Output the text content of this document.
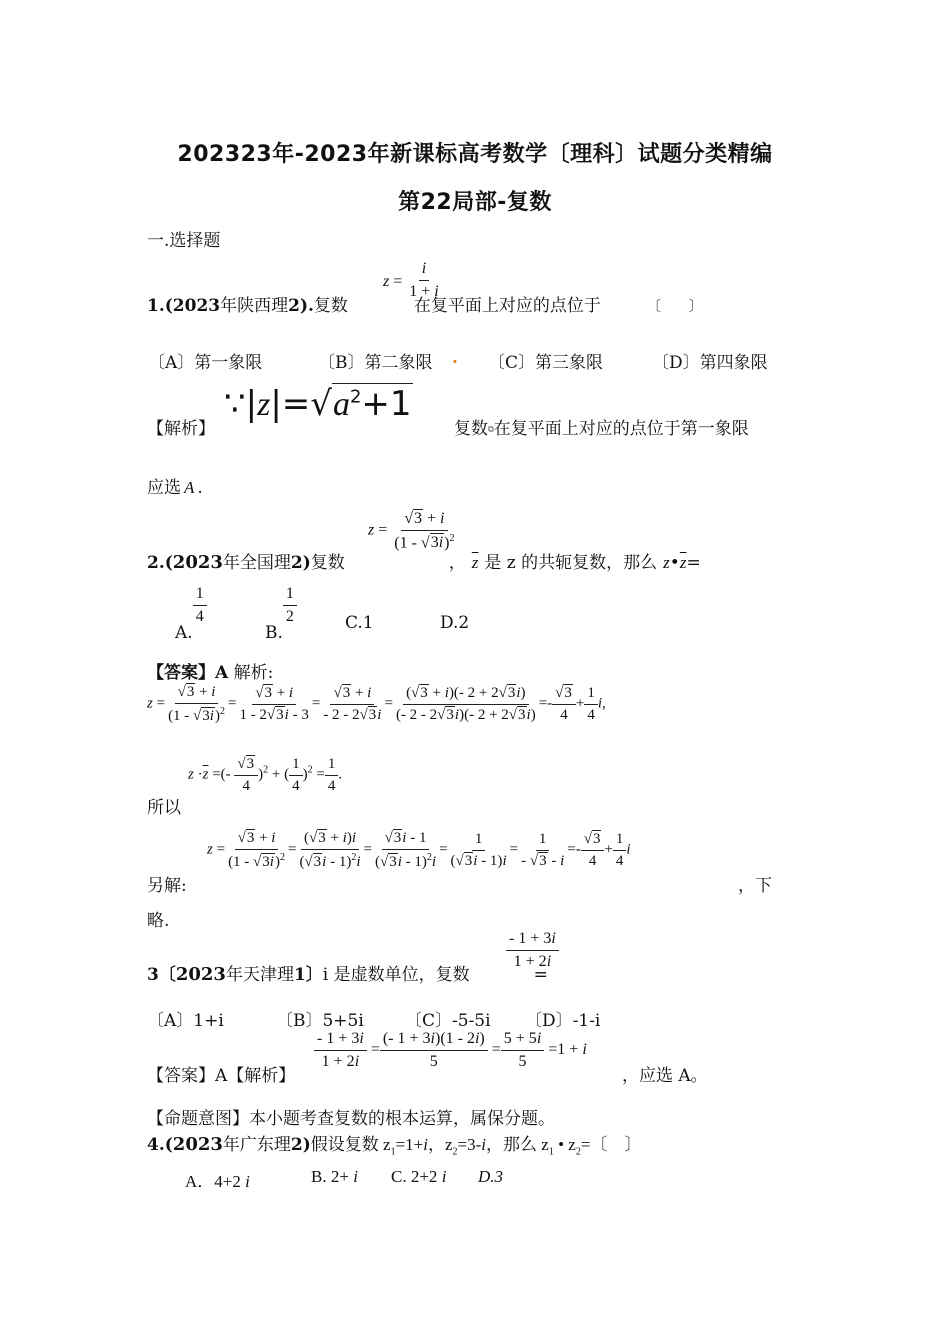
202323年-2023年新课标高考数学〔理科〕试题分类精编
第22局部-复数
一.选择题
$z = \frac{i}{1 + i}$
1.(2023年陕西理2).复数	在复平面上对应的点位于	〔　　〕
〔A〕第一象限	〔B〕第二象限 . 〔C〕第三象限	〔D〕第四象限
【解析】
$\because|z|=√a^2+1$
复数⧉在复平面上对应的点位于第一象限
应选 A .
$z = \frac{√3 + i}{(1 - √3i)^2}$
2.(2023年全国理2)复数	， $\overline{z}$ 是 z 的共轭复数，那么 $z•\overline{z}=$
A.
$\frac{1}{4}$
B.
$\frac{1}{2}$	C.1	D.2
【答案】A 解析:
$z = \frac{√3 + i}{(1 - √3i)^2} = \frac{√3 + i}{1 - 2√3i - 3} = \frac{√3 + i}{- 2 - 2√3i} = \frac{(√3 + i)(- 2 + 2√3i)}{(- 2 - 2√3i)(- 2 + 2√3i)} =- \frac{√3}{4} + \frac{1}{4} i$,
所以
$z \cdot\overline{z}$ =(- $\frac{√3}{4} )^2$ + ( $\frac{1}{4} )^2 = \frac{1}{4}$ .
$z = \frac{√3 + i}{(1 - √3i)^2} = \frac{(√3 + i)i}{(√3i - 1)^2i} = \frac{√3i - 1}{(√3i - 1)^2i} = \frac{1}{(√3i - 1)i} = \frac{1}{- √3 - i} =- \frac{√3}{4} + \frac{1}{4}$ i
另解:	，下
略.
$\frac{- 1 + 3i}{1 + 2i}$
3〔2023年天津理1〕i 是虚数单位，复数	=
〔A〕1+i	〔B〕5+5i 〔C〕-5-5i 〔D〕-1-i
【答案】A【解析】
$\frac{- 1 + 3i}{1 + 2i} = \frac{(- 1 + 3i)(1 - 2i)}{5} = \frac{5 + 5i}{5} =1 + i$
，应选 A。
【命题意图】本小题考查复数的根本运算，属保分题。
4.(2023年广东理2)假设复数 $z_1=1+i$，$z_2=3-i$，那么 $z_1$ • $z_2=$〔　〕
A．4+2 i	B. 2+ i C. 2+2 i D.3
